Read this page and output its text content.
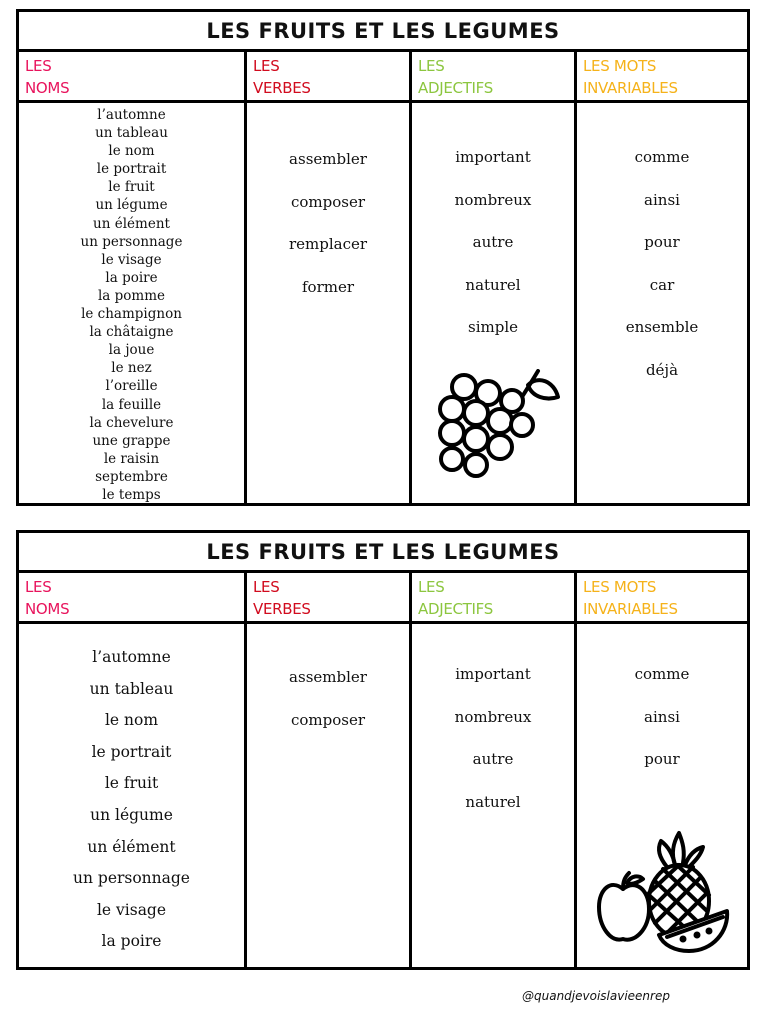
LES FRUITS ET LES LEGUMES
LES
NOMS
LES
VERBES
LES
ADJECTIFS
LES MOTS
INVARIABLES
l’automne
un tableau
le nom
le portrait
le fruit
un légume
un élément
un personnage
le visage
la poire
la pomme
le champignon
la châtaigne
la joue
le nez
l’oreille
la feuille
la chevelure
une grappe
le raisin
septembre
le temps
assembler
composer
remplacer
former
important
nombreux
autre
naturel
simple
comme
ainsi
pour
car
ensemble
déjà
LES FRUITS ET LES LEGUMES
LES
NOMS
LES
VERBES
LES
ADJECTIFS
LES MOTS
INVARIABLES
l’automne
un tableau
le nom
le portrait
le fruit
un légume
un élément
un personnage
le visage
la poire
assembler
composer
important
nombreux
autre
naturel
comme
ainsi
pour
@quandjevoislavieenrep
